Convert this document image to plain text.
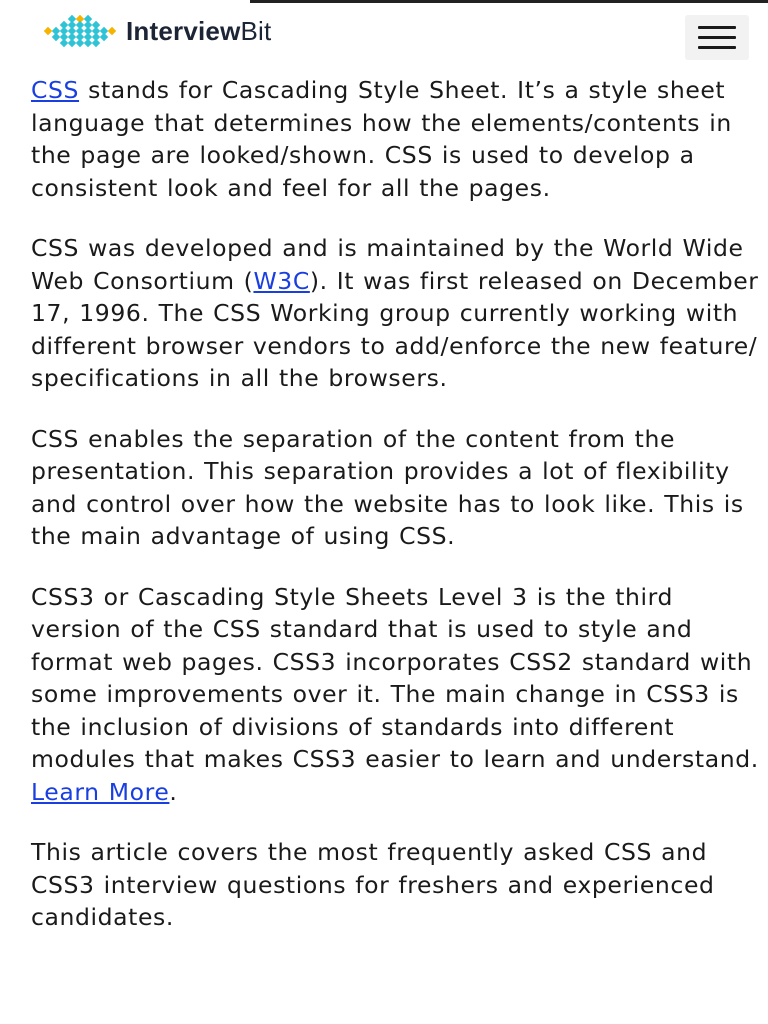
InterviewBit

CSS stands for Cascading Style Sheet. It’s a style sheet language that determines how the elements/contents in the page are looked/shown. CSS is used to develop a consistent look and feel for all the pages.

CSS was developed and is maintained by the World Wide Web Consortium (W3C). It was first released on December 17, 1996. The CSS Working group currently working with different browser vendors to add/enforce the new feature/ specifications in all the browsers.

CSS enables the separation of the content from the presentation. This separation provides a lot of flexibility and control over how the website has to look like. This is the main advantage of using CSS.

CSS3 or Cascading Style Sheets Level 3 is the third version of the CSS standard that is used to style and format web pages. CSS3 incorporates CSS2 standard with some improvements over it. The main change in CSS3 is the inclusion of divisions of standards into different modules that makes CSS3 easier to learn and understand. Learn More.

This article covers the most frequently asked CSS and CSS3 interview questions for freshers and experienced candidates.
